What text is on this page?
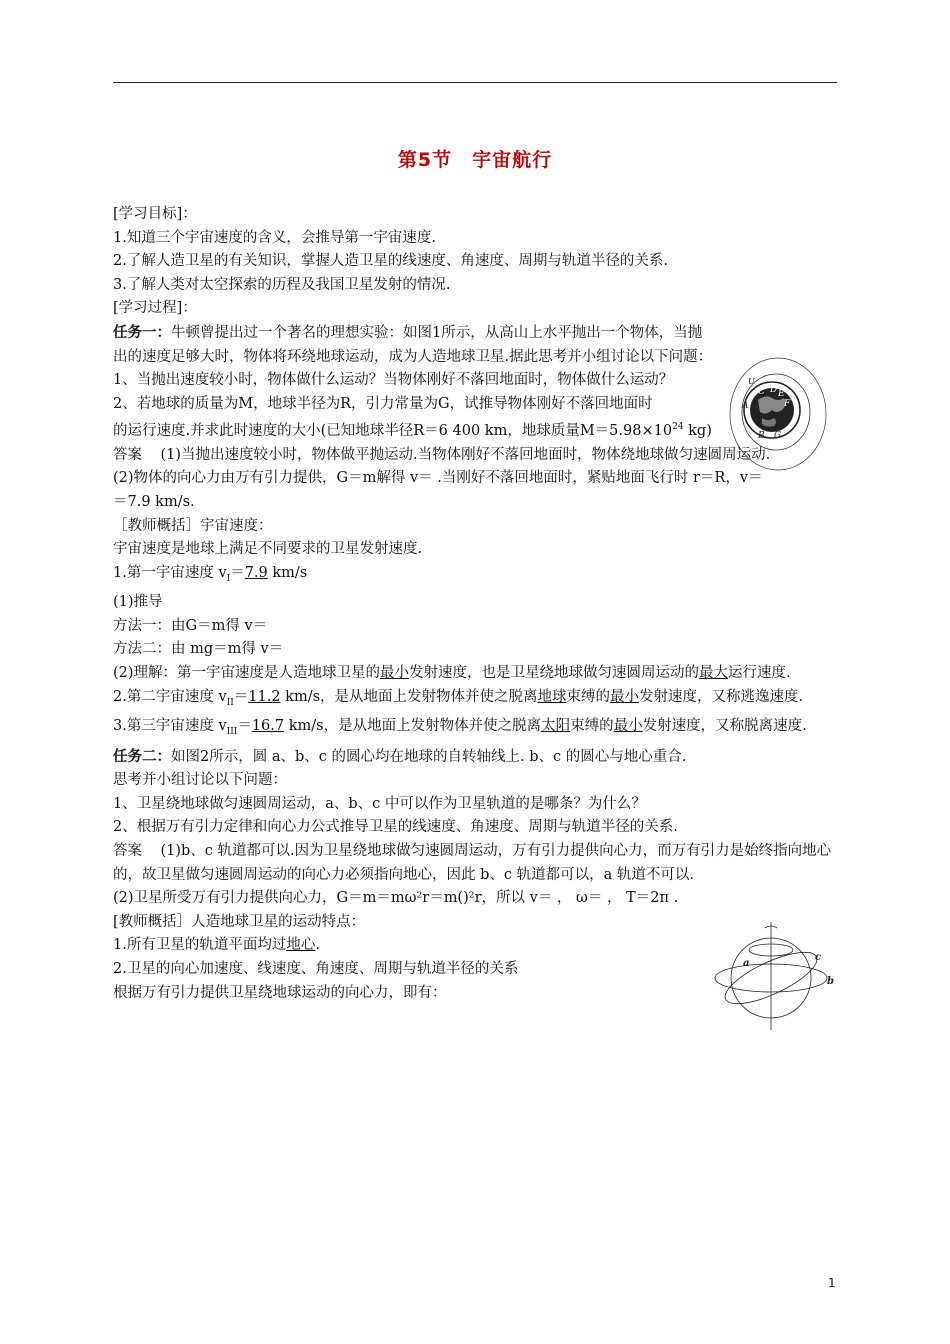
第5节 宇宙航行

[学习目标]：

1.知道三个宇宙速度的含义，会推导第一宇宙速度.

2.了解人造卫星的有关知识，掌握人造卫星的线速度、角速度、周期与轨道半径的关系.

3.了解人类对太空探索的历程及我国卫星发射的情况.

[学习过程]：

任务一：牛顿曾提出过一个著名的理想实验：如图1所示，从高山上水平抛出一个物体，当抛出的速度足够大时，物体将环绕地球运动，成为人造地球卫星.据此思考并小组讨论以下问题：

1、当抛出速度较小时，物体做什么运动？当物体刚好不落回地面时，物体做什么运动？

2、若地球的质量为M，地球半径为R，引力常量为G，试推导物体刚好不落回地面时

的运行速度.并求此时速度的大小(已知地球半径R＝6 400 km，地球质量$M=5.98\times 10^{24}$ kg)

答案 (1)当抛出速度较小时，物体做平抛运动.当物体刚好不落回地面时，物体绕地球做匀速圆周运动.

(2)物体的向心力由万有引力提供，G＝m解得 v＝ .当刚好不落回地面时，紧贴地面飞行时 r＝R，v＝

＝7.9 km/s.

［教师概括］宇宙速度：

宇宙速度是地球上满足不同要求的卫星发射速度.

1.第一宇宙速度 $v_I=7.9$ km/s

(1)推导

方法一：由G＝m得 v＝

方法二：由 mg＝m得 v＝

(2)理解：第一宇宙速度是人造地球卫星的最小发射速度，也是卫星绕地球做匀速圆周运动的最大运行速度.

2.第二宇宙速度 $v_{II}=11.2$ km/s，是从地面上发射物体并使之脱离地球束缚的最小发射速度，又称逃逸速度.

3.第三宇宙速度 $v_{III}=16.7$ km/s，是从地面上发射物体并使之脱离太阳束缚的最小发射速度，又称脱离速度.

任务二：如图2所示，圆 a、b、c 的圆心均在地球的自转轴线上. b、c 的圆心与地心重合. 思考并小组讨论以下问题：

1、卫星绕地球做匀速圆周运动，a、b、c 中可以作为卫星轨道的是哪条？为什么？

2、根据万有引力定律和向心力公式推导卫星的线速度、角速度、周期与轨道半径的关系.

答案 (1)b、c 轨道都可以.因为卫星绕地球做匀速圆周运动，万有引力提供向心力，而万有引力是始终指向地心的，故卫星做匀速圆周运动的向心力必须指向地心，因此 b、c 轨道都可以，a 轨道不可以.

(2)卫星所受万有引力提供向心力，G＝m＝mω²r＝m()²r，所以 v＝ ， ω＝ ， T＝2π .

[教师概括］人造地球卫星的运动特点：

1.所有卫星的轨道平面均过地心.

2.卫星的向心加速度、线速度、角速度、周期与轨道半径的关系

根据万有引力提供卫星绕地球运动的向心力，即有：

U
A
C D E
F
B G
a
b
c
1
